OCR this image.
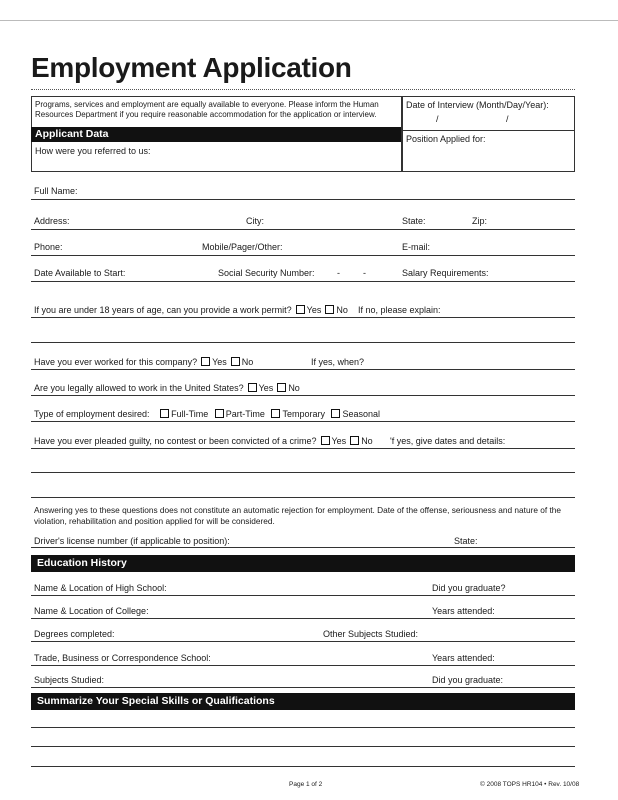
Employment Application
Programs, services and employment are equally available to everyone. Please inform the Human Resources Department if you require reasonable accommodation for the application or interview.
Applicant Data
How were you referred to us:
Date of Interview (Month/Day/Year):
/	/
Position Applied for:
Full Name:
Address:	City:	State:	Zip:
Phone:	Mobile/Pager/Other:	E-mail:
Date Available to Start:	Social Security Number: -	-	Salary Requirements:
If you are under 18 years of age, can you provide a work permit? Yes No If no, please explain:
Have you ever worked for this company? Yes No	If yes, when?
Are you legally allowed to work in the United States? Yes No
Type of employment desired: Full-Time Part-Time Temporary Seasonal
Have you ever pleaded guilty, no contest or been convicted of a crime? Yes No 'f yes, give dates and details:
Answering yes to these questions does not constitute an automatic rejection for employment. Date of the offense, seriousness and nature of the violation, rehabilitation and position applied for will be considered.
Driver's license number (if applicable to position):	State:
Education History
Name & Location of High School:	Did you graduate?
Name & Location of College:	Years attended:
Degrees completed:	Other Subjects Studied:
Trade, Business or Correspondence School:	Years attended:
Subjects Studied:	Did you graduate:
Summarize Your Special Skills or Qualifications
Page 1 of 2	© 2008 TOPS HR104 • Rev. 10/08
